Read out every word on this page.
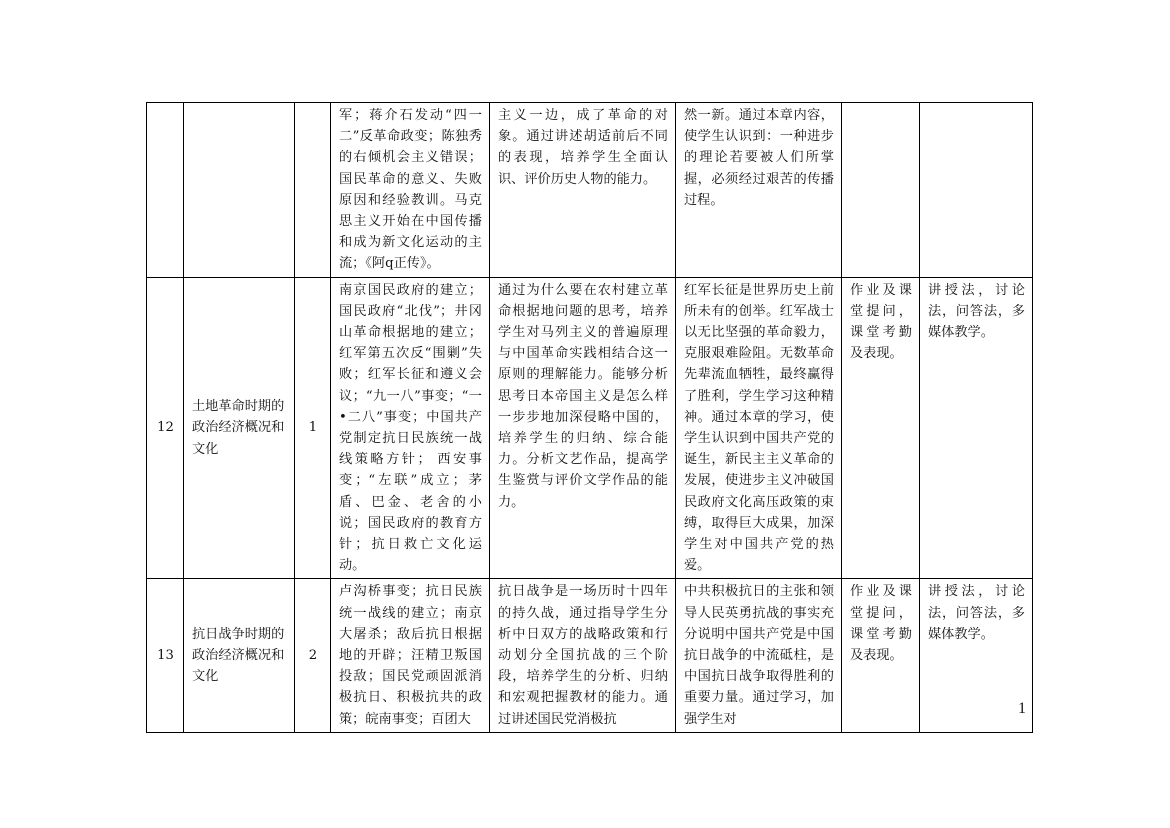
			军；蒋介石发动“四一二”反革命政变；陈独秀的右倾机会主义错误；国民革命的意义、失败原因和经验教训。马克思主义开始在中国传播和成为新文化运动的主流；《阿q正传》。	主义一边，成了革命的对象。通过讲述胡适前后不同的表现，培养学生全面认识、评价历史人物的能力。	然一新。通过本章内容，使学生认识到：一种进步的理论若要被人们所掌握，必须经过艰苦的传播过程。		
12	土地革命时期的政治经济概况和文化	1	南京国民政府的建立；国民政府“北伐”；井冈山革命根据地的建立；红军第五次反“围剿”失败；红军长征和遵义会议；“九一八”事变；“一•二八”事变；中国共产党制定抗日民族统一战线策略方针； 西安事变；“左联”成立；茅盾、巴金、老舍的小说；国民政府的教育方针；抗日救亡文化运动。	通过为什么要在农村建立革命根据地问题的思考，培养学生对马列主义的普遍原理与中国革命实践相结合这一原则的理解能力。能够分析思考日本帝国主义是怎么样一步步地加深侵略中国的，培养学生的归纳、综合能力。分析文艺作品，提高学生鉴赏与评价文学作品的能力。	红军长征是世界历史上前所未有的创举。红军战士以无比坚强的革命毅力，克服艰难险阻。无数革命先辈流血牺牲，最终赢得了胜利，学生学习这种精神。通过本章的学习，使学生认识到中国共产党的诞生，新民主主义革命的发展，使进步主义冲破国民政府文化高压政策的束缚，取得巨大成果，加深学生对中国共产党的热爱。	作业及课堂提问，课堂考勤及表现。	讲授法，讨论法，问答法，多媒体教学。
13	抗日战争时期的政治经济概况和文化	2	卢沟桥事变；抗日民族统一战线的建立；南京大屠杀；敌后抗日根据地的开辟；汪精卫叛国投敌；国民党顽固派消极抗日、积极抗共的政策；皖南事变；百团大	抗日战争是一场历时十四年的持久战，通过指导学生分析中日双方的战略政策和行动划分全国抗战的三个阶段，培养学生的分析、归纳和宏观把握教材的能力。通过讲述国民党消极抗	中共积极抗日的主张和领导人民英勇抗战的事实充分说明中国共产党是中国抗日战争的中流砥柱，是中国抗日战争取得胜利的重要力量。通过学习，加强学生对	作业及课堂提问，课堂考勤及表现。	讲授法，讨论法，问答法，多媒体教学。
1
